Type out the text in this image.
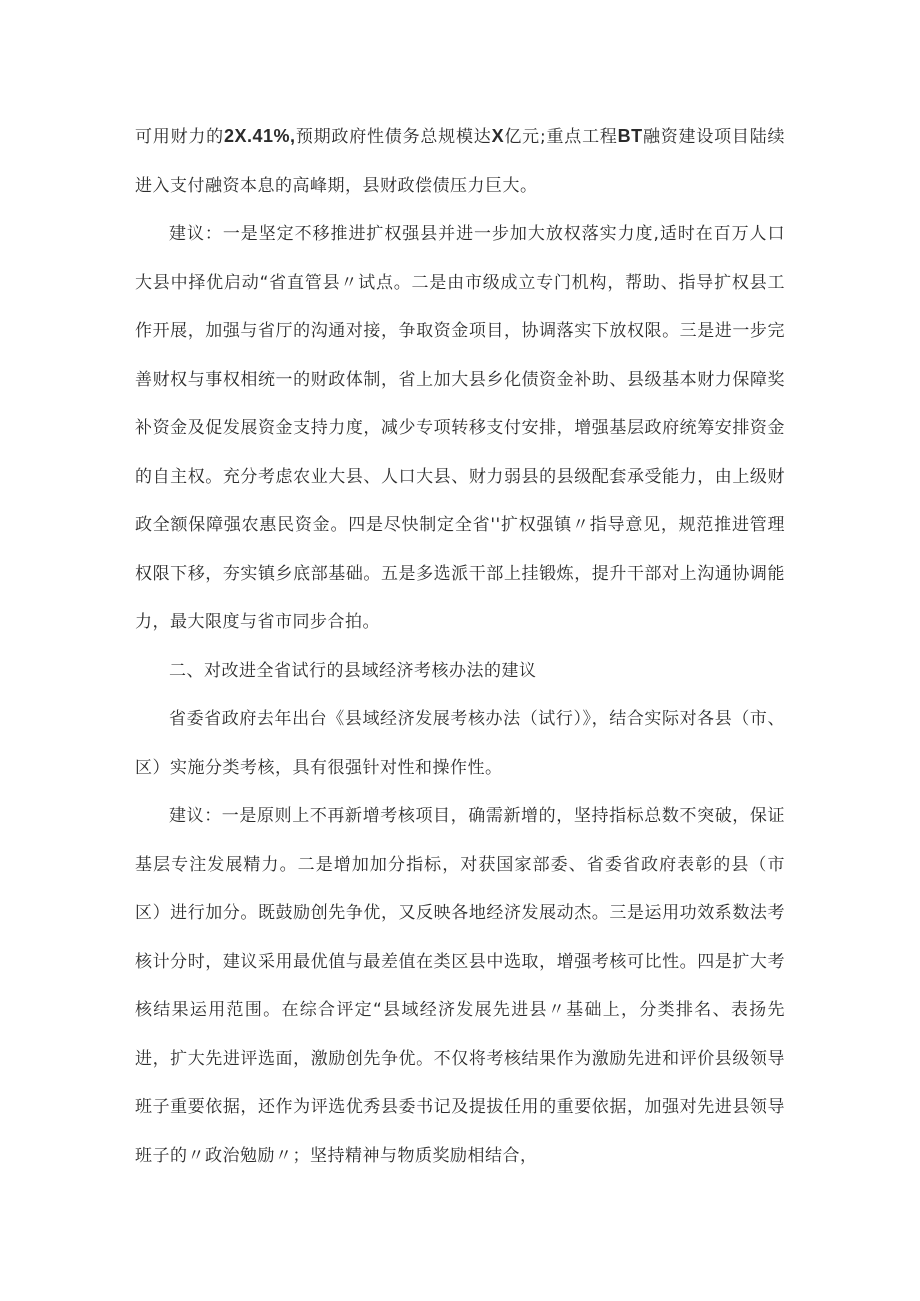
可用财力的2X.41%,预期政府性债务总规模达X亿元;重点工程BT融资建设项目陆续进入支付融资本息的高峰期，县财政偿债压力巨大。

建议：一是坚定不移推进扩权强县并进一步加大放权落实力度,适时在百万人口大县中择优启动“省直管县〃试点。二是由市级成立专门机构，帮助、指导扩权县工作开展，加强与省厅的沟通对接，争取资金项目，协调落实下放权限。三是进一步完善财权与事权相统一的财政体制，省上加大县乡化债资金补助、县级基本财力保障奖补资金及促发展资金支持力度，减少专项转移支付安排，增强基层政府统筹安排资金的自主权。充分考虑农业大县、人口大县、财力弱县的县级配套承受能力，由上级财政全额保障强农惠民资金。四是尽快制定全省''扩权强镇〃指导意见，规范推进管理权限下移，夯实镇乡底部基础。五是多选派干部上挂锻炼，提升干部对上沟通协调能力，最大限度与省市同步合拍。

二、对改进全省试行的县域经济考核办法的建议

省委省政府去年出台《县域经济发展考核办法（试行）》，结合实际对各县（市、区）实施分类考核，具有很强针对性和操作性。

建议：一是原则上不再新增考核项目，确需新增的，坚持指标总数不突破，保证基层专注发展精力。二是增加加分指标，对获国家部委、省委省政府表彰的县（市区）进行加分。既鼓励创先争优，又反映各地经济发展动杰。三是运用功效系数法考核计分时，建议采用最优值与最差值在类区县中选取，增强考核可比性。四是扩大考核结果运用范围。在综合评定“县域经济发展先进县〃基础上，分类排名、表扬先进，扩大先进评选面，激励创先争优。不仅将考核结果作为激励先进和评价县级领导班子重要依据，还作为评选优秀县委书记及提拔任用的重要依据，加强对先进县领导班子的〃政治勉励〃；坚持精神与物质奖励相结合，
